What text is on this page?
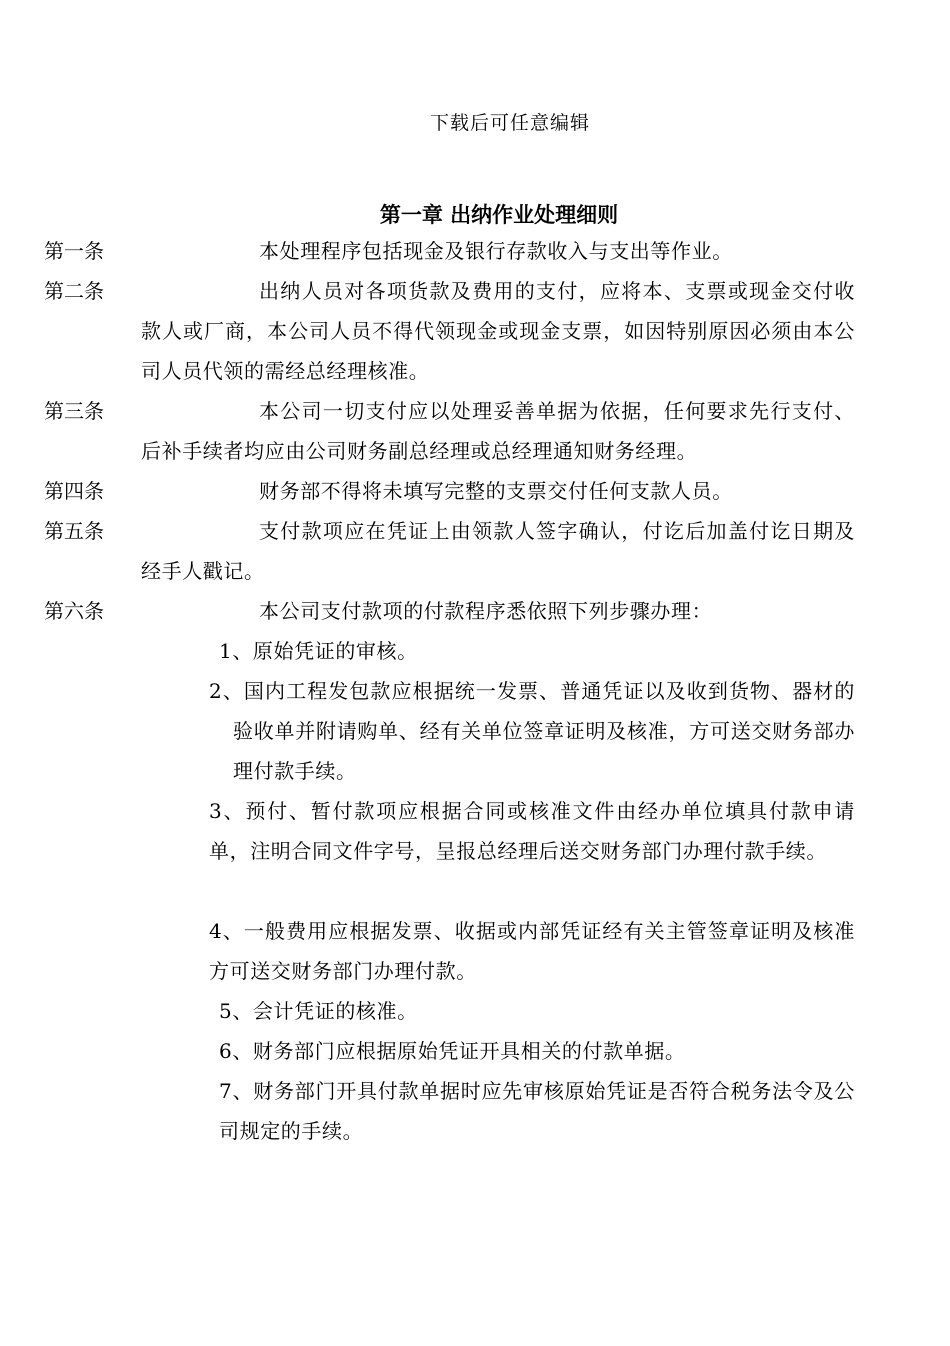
下载后可任意编辑
第一章 出纳作业处理细则
第一条	本处理程序包括现金及银行存款收入与支出等作业。
第二条	出纳人员对各项货款及费用的支付，应将本、支票或现金交付收款人或厂商，本公司人员不得代领现金或现金支票，如因特别原因必须由本公司人员代领的需经总经理核准。
第三条	本公司一切支付应以处理妥善单据为依据，任何要求先行支付、后补手续者均应由公司财务副总经理或总经理通知财务经理。
第四条	财务部不得将未填写完整的支票交付任何支款人员。
第五条	支付款项应在凭证上由领款人签字确认，付讫后加盖付讫日期及经手人戳记。
第六条	本公司支付款项的付款程序悉依照下列步骤办理：
1、原始凭证的审核。
2、国内工程发包款应根据统一发票、普通凭证以及收到货物、器材的验收单并附请购单、经有关单位签章证明及核准，方可送交财务部办理付款手续。
3、预付、暂付款项应根据合同或核准文件由经办单位填具付款申请单，注明合同文件字号，呈报总经理后送交财务部门办理付款手续。
4、一般费用应根据发票、收据或内部凭证经有关主管签章证明及核准方可送交财务部门办理付款。
5、会计凭证的核准。
6、财务部门应根据原始凭证开具相关的付款单据。
7、财务部门开具付款单据时应先审核原始凭证是否符合税务法令及公司规定的手续。
